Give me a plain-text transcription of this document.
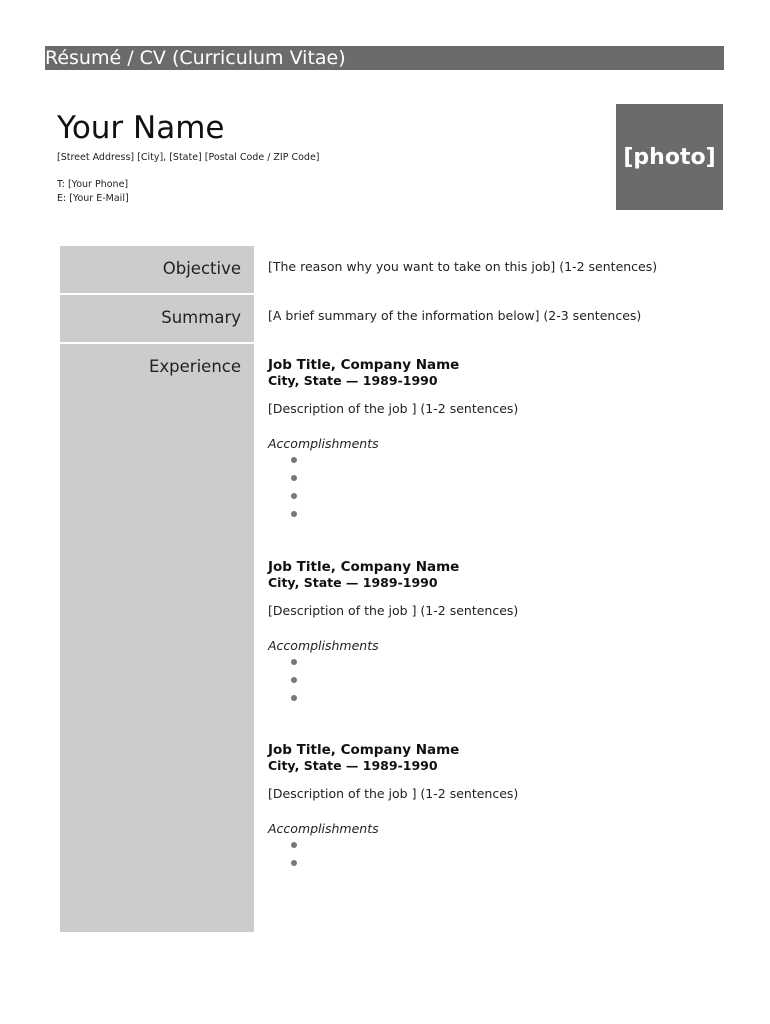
Résumé / CV (Curriculum Vitae)
Your Name
[Street Address] [City], [State] [Postal Code / ZIP Code]
T: [Your Phone]
E: [Your E-Mail]
[photo]
Objective
Summary
Experience
[The reason why you want to take on this job] (1-2 sentences)
[A brief summary of the information below] (2-3 sentences)
Job Title, Company Name
City, State — 1989-1990
[Description of the job ] (1-2 sentences)
Accomplishments
Job Title, Company Name
City, State — 1989-1990
[Description of the job ] (1-2 sentences)
Accomplishments
Job Title, Company Name
City, State — 1989-1990
[Description of the job ] (1-2 sentences)
Accomplishments
